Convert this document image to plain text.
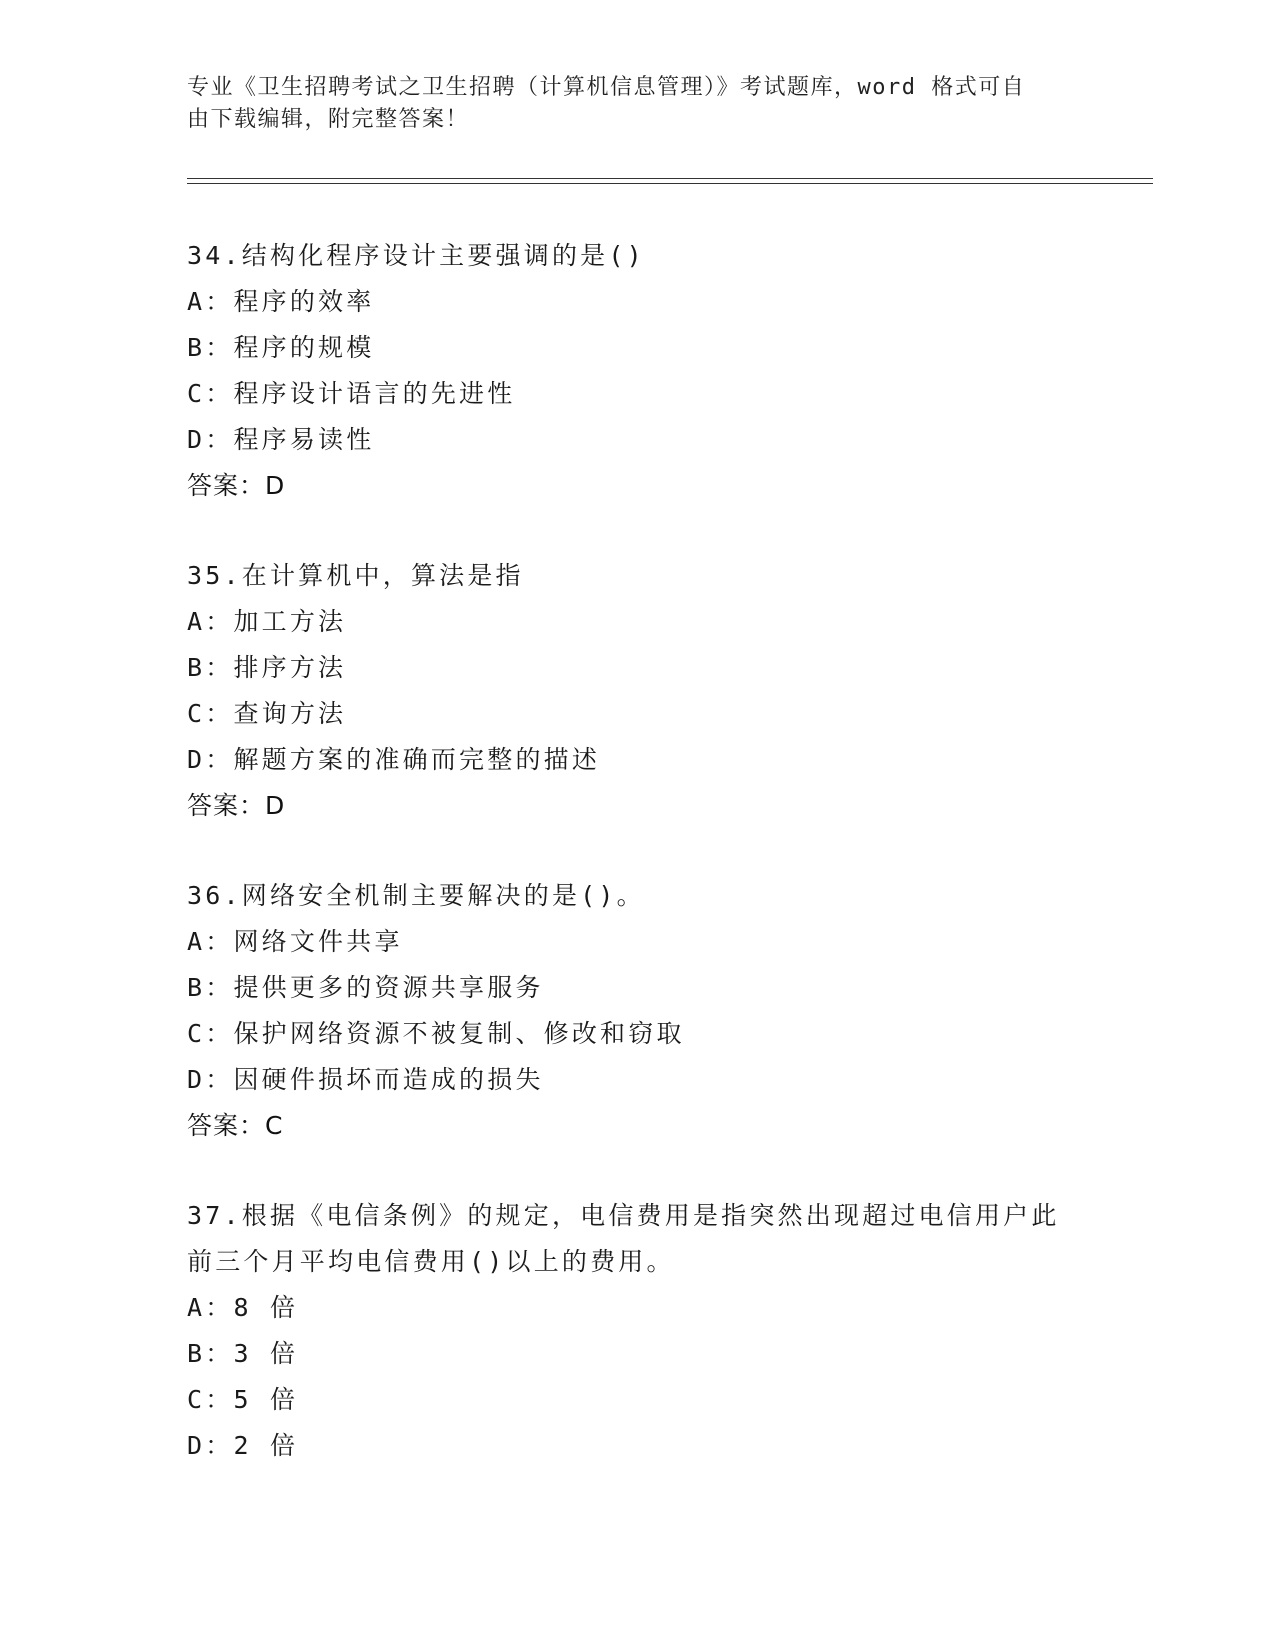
专业《卫生招聘考试之卫生招聘（计算机信息管理）》考试题库，word 格式可自
由下载编辑，附完整答案！
34.结构化程序设计主要强调的是()
A：程序的效率
B：程序的规模
C：程序设计语言的先进性
D：程序易读性
答案：D
35.在计算机中，算法是指
A：加工方法
B：排序方法
C：查询方法
D：解题方案的准确而完整的描述
答案：D
36.网络安全机制主要解决的是()。
A：网络文件共享
B：提供更多的资源共享服务
C：保护网络资源不被复制、修改和窃取
D：因硬件损坏而造成的损失
答案：C
37.根据《电信条例》的规定，电信费用是指突然出现超过电信用户此
前三个月平均电信费用()以上的费用。
A：8 倍
B：3 倍
C：5 倍
D：2 倍
